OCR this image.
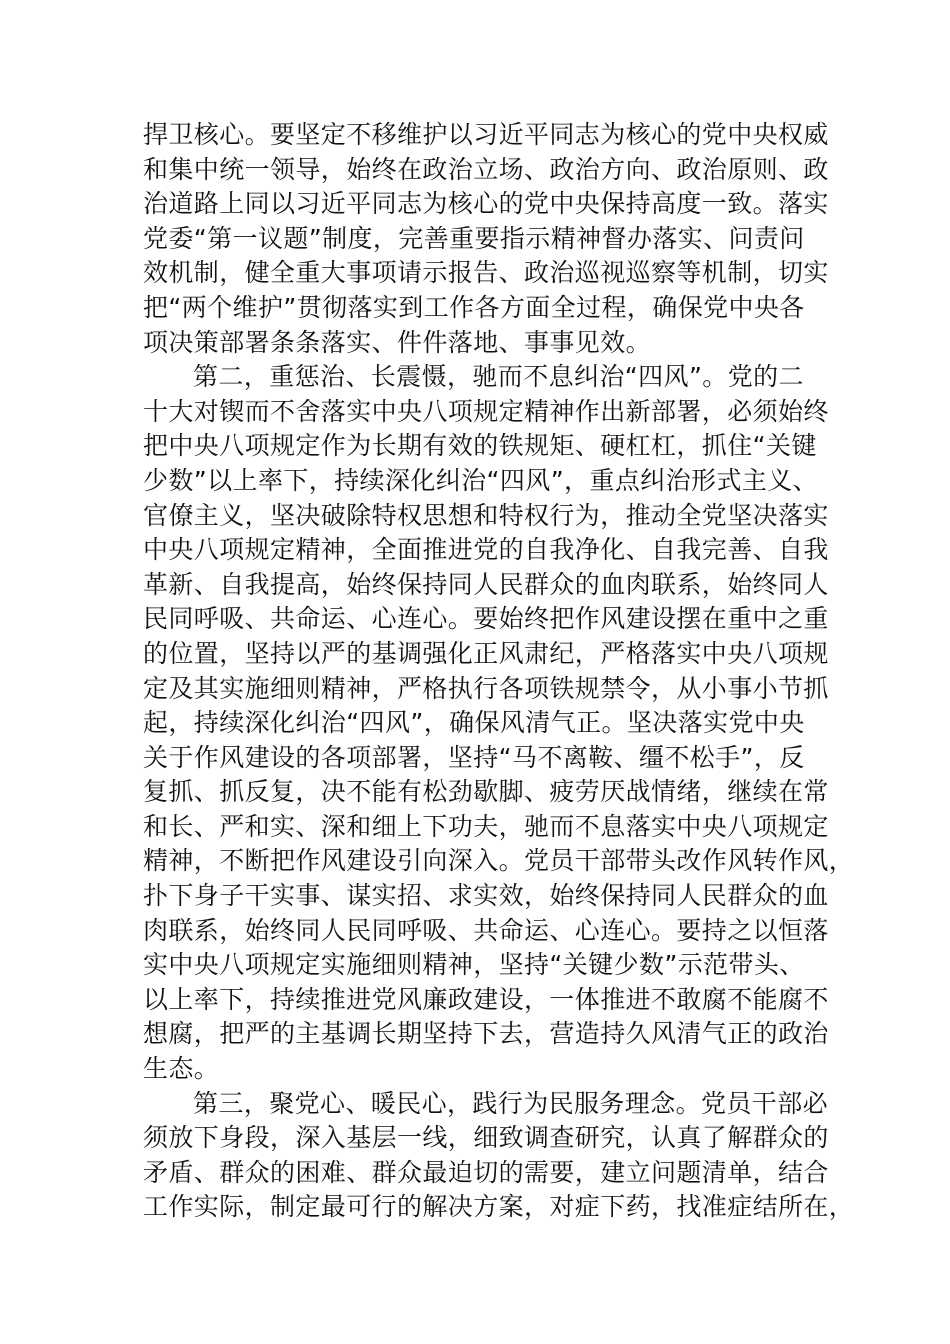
捍卫核心。要坚定不移维护以习近平同志为核心的党中央权威
和集中统一领导，始终在政治立场、政治方向、政治原则、政
治道路上同以习近平同志为核心的党中央保持高度一致。落实
党委“第一议题”制度，完善重要指示精神督办落实、问责问
效机制，健全重大事项请示报告、政治巡视巡察等机制，切实
把“两个维护”贯彻落实到工作各方面全过程，确保党中央各
项决策部署条条落实、件件落地、事事见效。
第二，重惩治、长震慑，驰而不息纠治“四风”。党的二
十大对锲而不舍落实中央八项规定精神作出新部署，必须始终
把中央八项规定作为长期有效的铁规矩、硬杠杠，抓住“关键
少数”以上率下，持续深化纠治“四风”，重点纠治形式主义、
官僚主义，坚决破除特权思想和特权行为，推动全党坚决落实
中央八项规定精神，全面推进党的自我净化、自我完善、自我
革新、自我提高，始终保持同人民群众的血肉联系，始终同人
民同呼吸、共命运、心连心。要始终把作风建设摆在重中之重
的位置，坚持以严的基调强化正风肃纪，严格落实中央八项规
定及其实施细则精神，严格执行各项铁规禁令，从小事小节抓
起，持续深化纠治“四风”，确保风清气正。坚决落实党中央
关于作风建设的各项部署，坚持“马不离鞍、缰不松手”，反
复抓、抓反复，决不能有松劲歇脚、疲劳厌战情绪，继续在常
和长、严和实、深和细上下功夫，驰而不息落实中央八项规定
精神，不断把作风建设引向深入。党员干部带头改作风转作风，
扑下身子干实事、谋实招、求实效，始终保持同人民群众的血
肉联系，始终同人民同呼吸、共命运、心连心。要持之以恒落
实中央八项规定实施细则精神，坚持“关键少数”示范带头、
以上率下，持续推进党风廉政建设，一体推进不敢腐不能腐不
想腐，把严的主基调长期坚持下去，营造持久风清气正的政治
生态。
第三，聚党心、暖民心，践行为民服务理念。党员干部必
须放下身段，深入基层一线，细致调查研究，认真了解群众的
矛盾、群众的困难、群众最迫切的需要，建立问题清单，结合
工作实际，制定最可行的解决方案，对症下药，找准症结所在，
